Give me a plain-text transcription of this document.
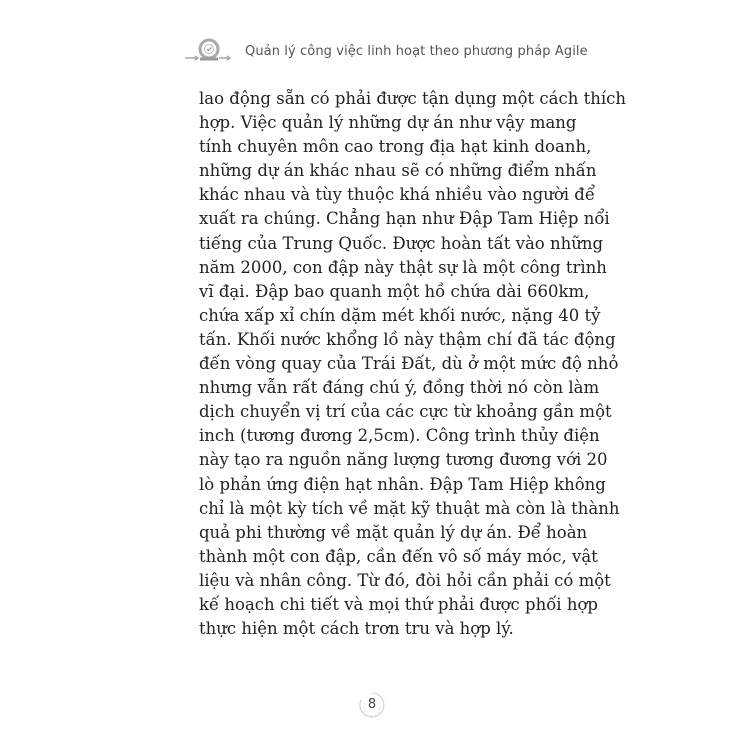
Quản lý công việc linh hoạt theo phương pháp Agile
lao động sẵn có phải được tận dụng một cách thích
hợp. Việc quản lý những dự án như vậy mang
tính chuyên môn cao trong địa hạt kinh doanh,
những dự án khác nhau sẽ có những điểm nhấn
khác nhau và tùy thuộc khá nhiều vào người để
xuất ra chúng. Chẳng hạn như Đập Tam Hiệp nổi
tiếng của Trung Quốc. Được hoàn tất vào những
năm 2000, con đập này thật sự là một công trình
vĩ đại. Đập bao quanh một hồ chứa dài 660km,
chứa xấp xỉ chín dặm mét khối nước, nặng 40 tỷ
tấn. Khối nước khổng lồ này thậm chí đã tác động
đến vòng quay của Trái Đất, dù ở một mức độ nhỏ
nhưng vẫn rất đáng chú ý, đồng thời nó còn làm
dịch chuyển vị trí của các cực từ khoảng gần một
inch (tương đương 2,5cm). Công trình thủy điện
này tạo ra nguồn năng lượng tương đương với 20
lò phản ứng điện hạt nhân. Đập Tam Hiệp không
chỉ là một kỳ tích về mặt kỹ thuật mà còn là thành
quả phi thường về mặt quản lý dự án. Để hoàn
thành một con đập, cần đến vô số máy móc, vật
liệu và nhân công. Từ đó, đòi hỏi cần phải có một
kế hoạch chi tiết và mọi thứ phải được phối hợp
thực hiện một cách trơn tru và hợp lý.
8
